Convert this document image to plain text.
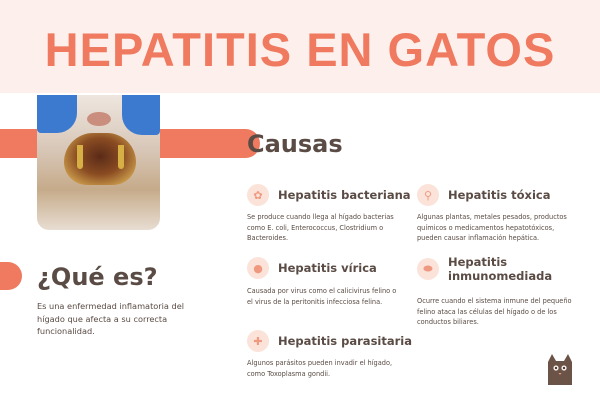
HEPATITIS EN GATOS
Causas
✿	Hepatitis bacteriana
Se produce cuando llega al hígado bacterias como E. coli, Enterococcus, Clostridium o Bacteroides.
⚲	Hepatitis tóxica
Algunas plantas, metales pesados, productos químicos o medicamentos hepatotóxicos, pueden causar inflamación hepática.
●	Hepatitis vírica
Causada por virus como el calicivirus felino o el virus de la peritonitis infecciosa felina.
⬬	Hepatitis inmunomediada
Ocurre cuando el sistema inmune del pequeño felino ataca las células del hígado o de los conductos biliares.
✚	Hepatitis parasitaria
Algunos parásitos pueden invadir el hígado, como Toxoplasma gondii.
¿Qué es?
Es una enfermedad inflamatoria del hígado que afecta a su correcta funcionalidad.
